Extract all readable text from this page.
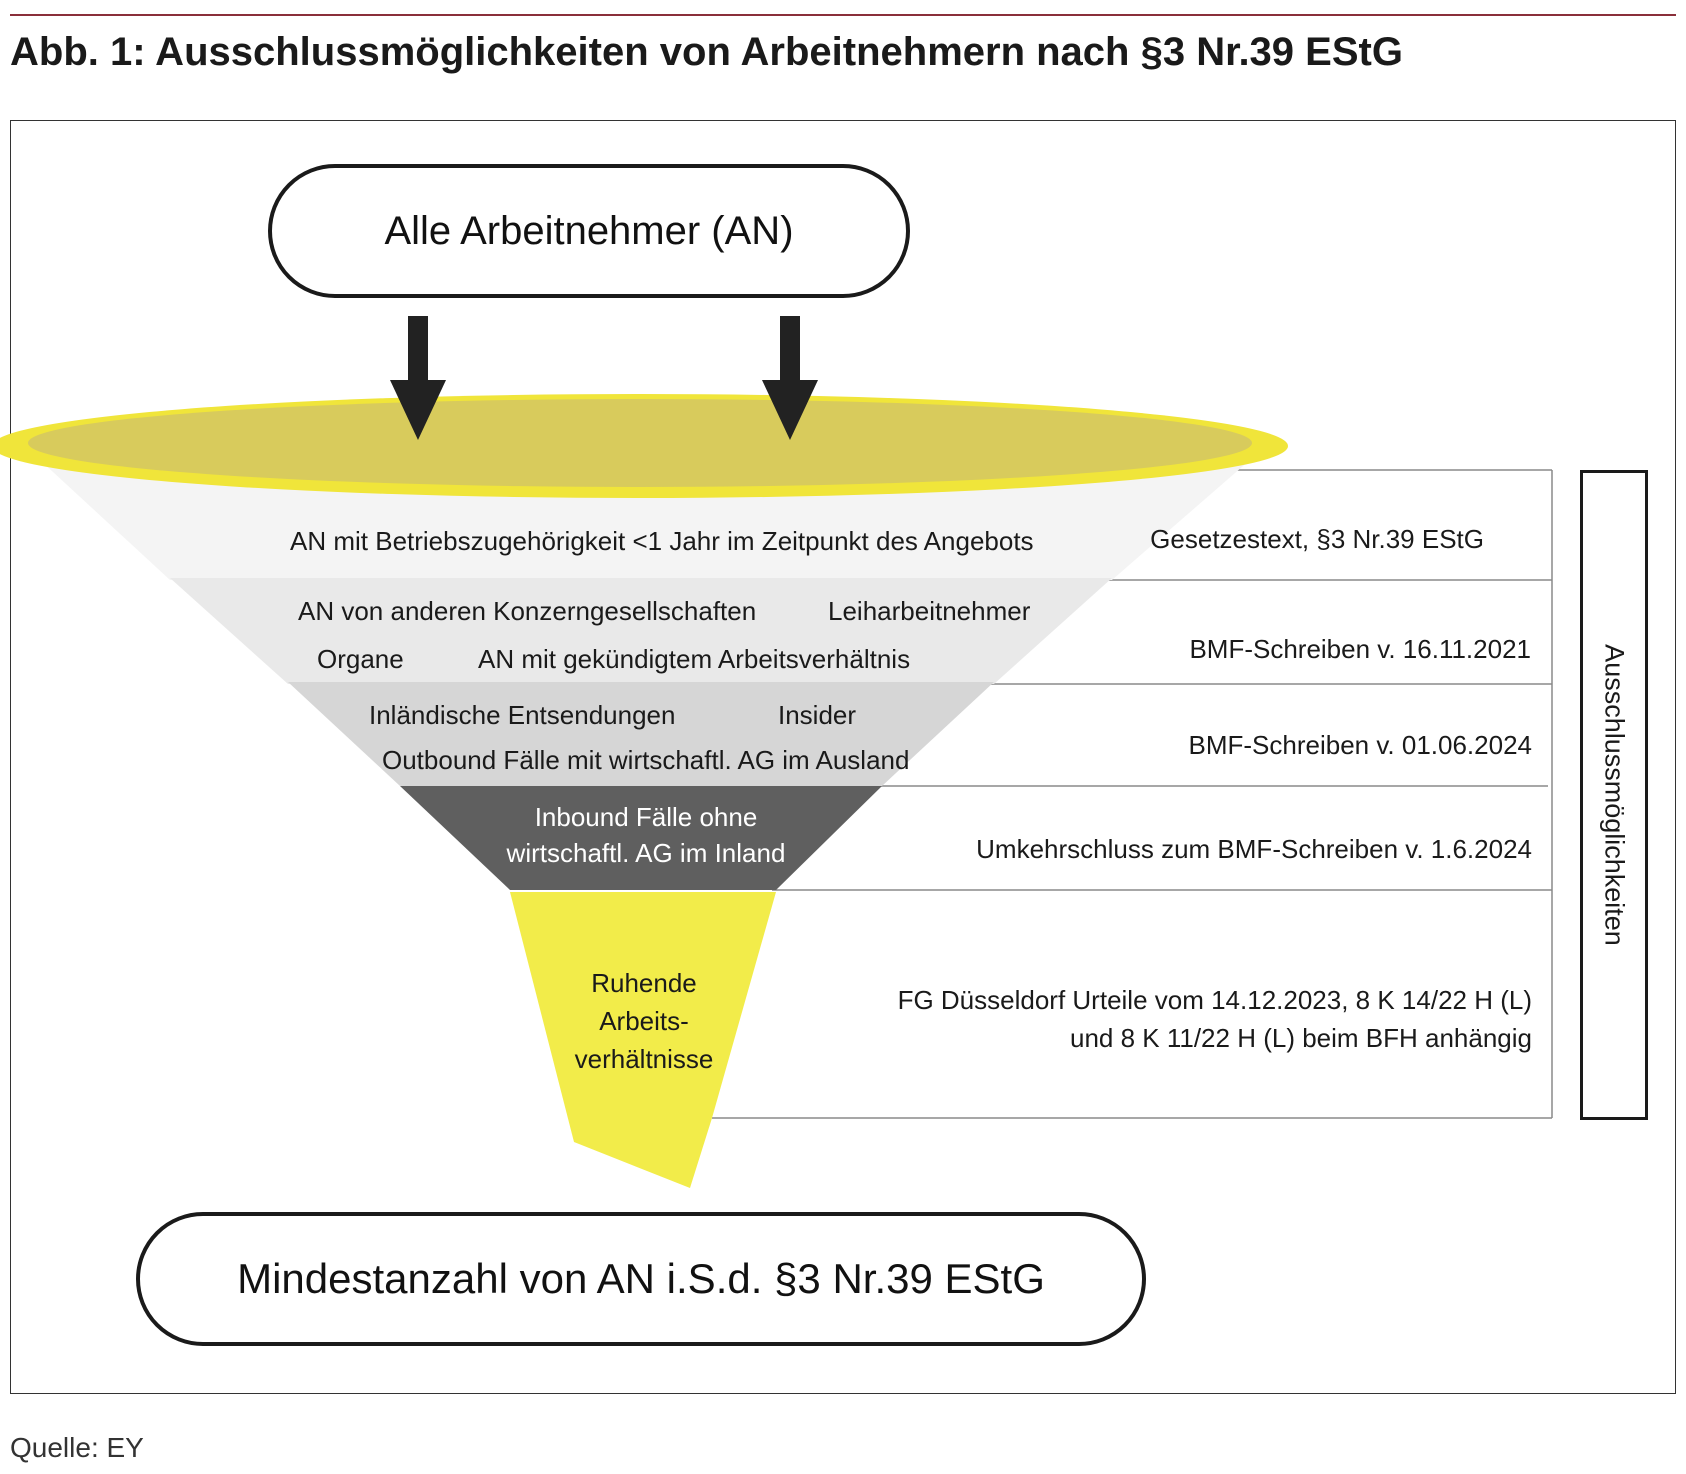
Abb. 1: Ausschlussmöglichkeiten von Arbeitnehmern nach §3 Nr.39 EStG
Alle Arbeitnehmer (AN)
AN mit Betriebszugehörigkeit <1 Jahr im Zeitpunkt des Angebots
AN von anderen Konzerngesellschaften	Leiharbeitnehmer
Organe	AN mit gekündigtem Arbeitsverhältnis
Inländische Entsendungen	Insider
Outbound Fälle mit wirtschaftl. AG im Ausland
Inbound Fälle ohne
wirtschaftl. AG im Inland
Ruhende
Arbeits-
verhältnisse
Gesetzestext, §3 Nr.39 EStG
BMF-Schreiben v. 16.11.2021
BMF-Schreiben v. 01.06.2024
Umkehrschluss zum BMF-Schreiben v. 1.6.2024
FG Düsseldorf Urteile vom 14.12.2023, 8 K 14/22 H (L)
und 8 K 11/22 H (L) beim BFH anhängig
Ausschlussmöglichkeiten
Mindestanzahl von AN i.S.d. §3 Nr.39 EStG
Quelle: EY
